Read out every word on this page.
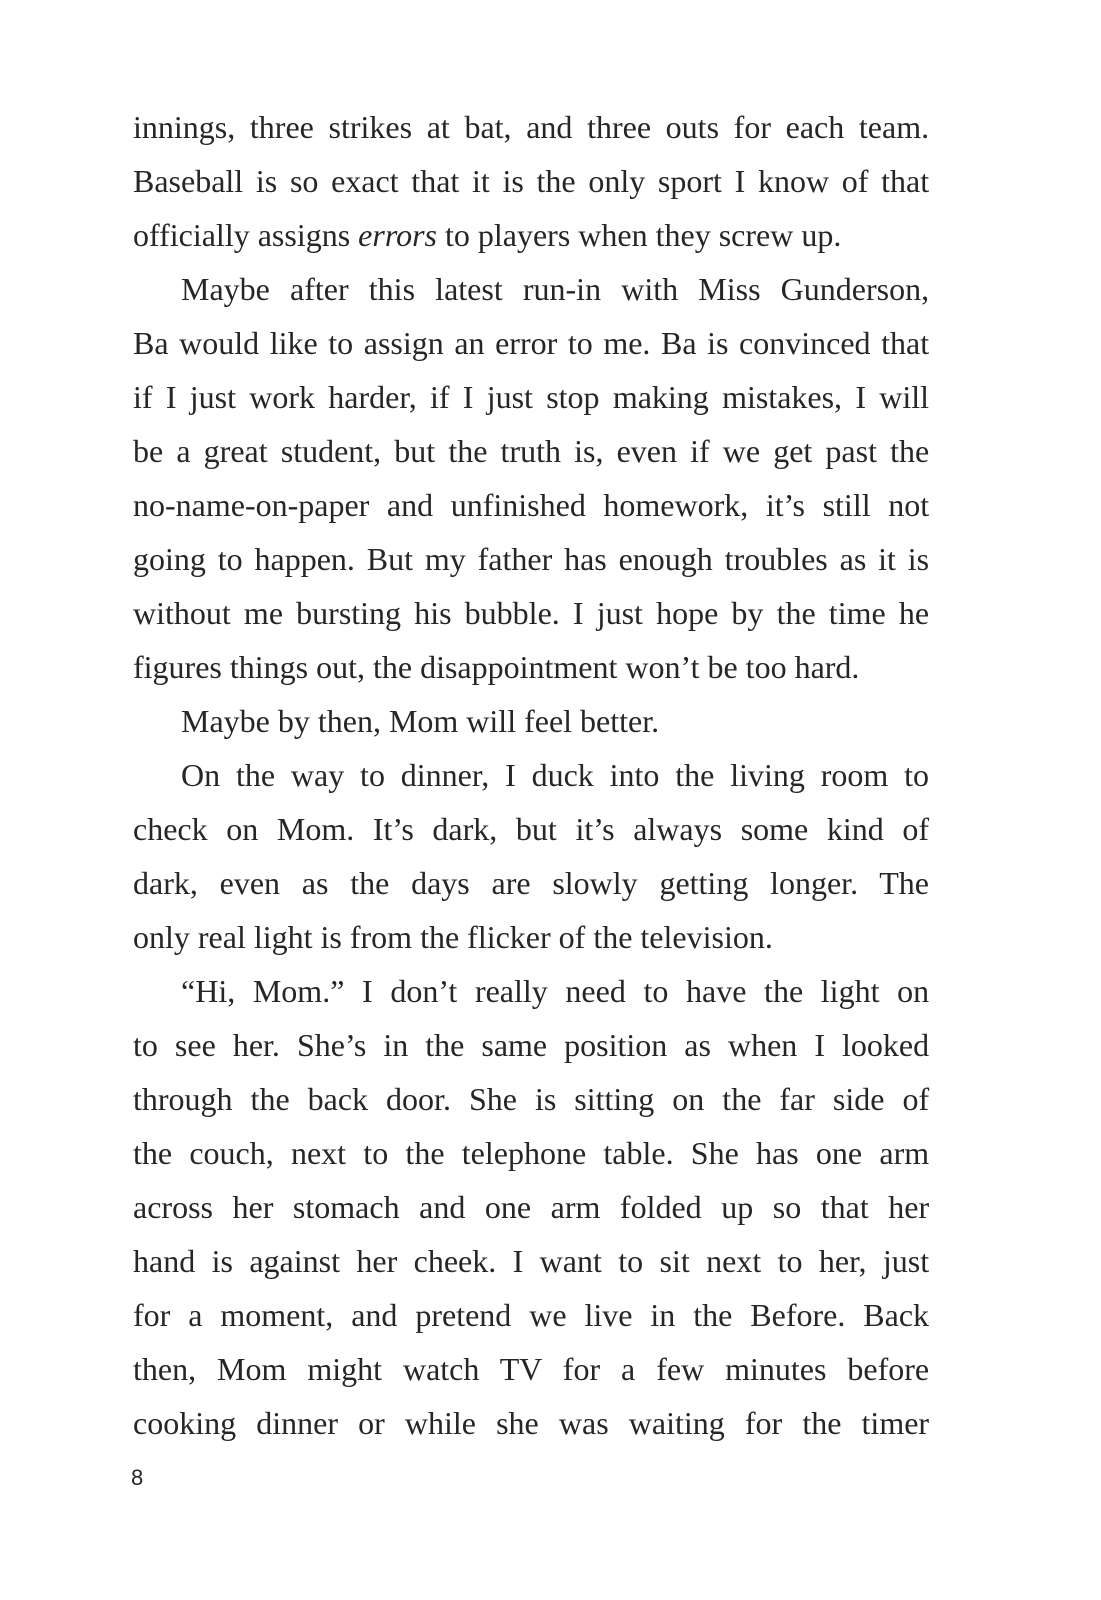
innings, three strikes at bat, and three outs for each team.
Baseball is so exact that it is the only sport I know of that
officially assigns errors to players when they screw up.
Maybe after this latest run-in with Miss Gunderson,
Ba would like to assign an error to me. Ba is convinced that
if I just work harder, if I just stop making mistakes, I will
be a great student, but the truth is, even if we get past the
no-name-on-paper and unfinished homework, it’s still not
going to happen. But my father has enough troubles as it is
without me bursting his bubble. I just hope by the time he
figures things out, the disappointment won’t be too hard.
Maybe by then, Mom will feel better.
On the way to dinner, I duck into the living room to
check on Mom. It’s dark, but it’s always some kind of
dark, even as the days are slowly getting longer. The
only real light is from the flicker of the television.
“Hi, Mom.” I don’t really need to have the light on
to see her. She’s in the same position as when I looked
through the back door. She is sitting on the far side of
the couch, next to the telephone table. She has one arm
across her stomach and one arm folded up so that her
hand is against her cheek. I want to sit next to her, just
for a moment, and pretend we live in the Before. Back
then, Mom might watch TV for a few minutes before
cooking dinner or while she was waiting for the timer
8
